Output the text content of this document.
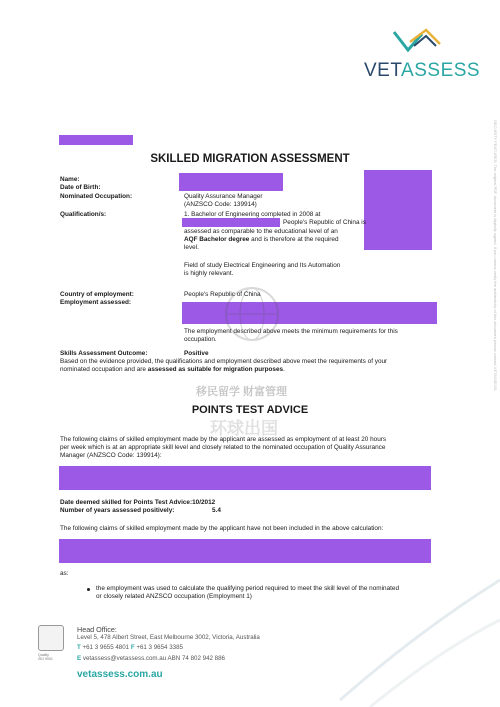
VETASSESS
SECURITY FEATURES: The original PDF document is digitally signed. If you cannot verify the authenticity of this document please contact VETASSESS.
SKILLED MIGRATION ASSESSMENT
Name:
Date of Birth:
Nominated Occupation:	Quality Assurance Manager
(ANZSCO Code: 139914)
Qualification/s:	1. Bachelor of Engineering completed in 2008 at
People's Republic of China is
assessed as comparable to the educational level of an
AQF Bachelor degree and is therefore at the required
level.
Field of study Electrical Engineering and Its Automation
is highly relevant.
Country of employment:	People's Republic of China
Employment assessed:
The employment described above meets the minimum requirements for this
occupation.
Skills Assessment Outcome:	Positive
Based on the evidence provided, the qualifications and employment described above meet the requirements of your
nominated occupation and are assessed as suitable for migration purposes.
移民留学 财富管理
环球出国
POINTS TEST ADVICE
The following claims of skilled employment made by the applicant are assessed as employment of at least 20 hours
per week which is at an appropriate skill level and closely related to the nominated occupation of Quality Assurance
Manager (ANZSCO Code: 139914):
Date deemed skilled for Points Test Advice:10/2012
Number of years assessed positively:	5.4
The following claims of skilled employment made by the applicant have not been included in the above calculation:
as:
the employment was used to calculate the qualifying period required to meet the skill level of the nominated
or closely related ANZSCO occupation (Employment 1)
Quality
ISO 9001
Head Office:
Level 5, 478 Albert Street, East Melbourne 3002, Victoria, Australia
T +61 3 9655 4801 F +61 3 9654 3385
E vetassess@vetassess.com.au ABN 74 802 942 886
vetassess.com.au
